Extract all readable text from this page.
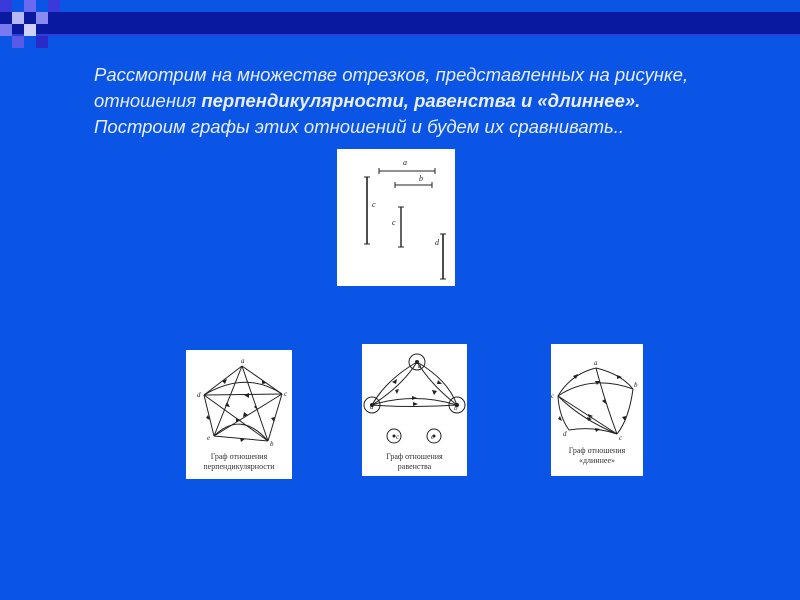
Рассмотрим на множестве отрезков, представленных на рисунке, отношения перпендикулярности, равенства и «длиннее». Построим графы этих отношений и будем их сравнивать..
a
b
c
c
d
a
d	c
e
b
Граф отношения
перпендикулярности
a
d	b
c	e
Граф отношения
равенства
a
b
c
c
d
Граф отношения
«длиннее»
